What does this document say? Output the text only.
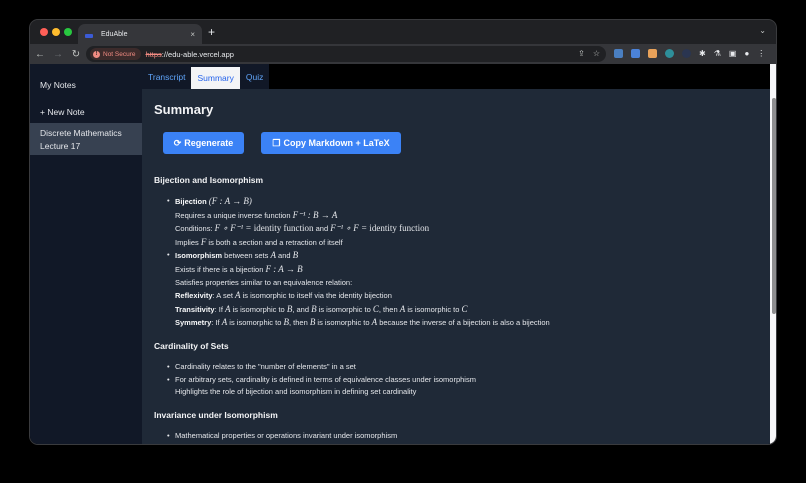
EduAble	× +	⌄
← → ↻	! Not Secure https://edu-able.vercel.app	⇪ ☆	✱ ⚗ ▣ ● ⋮
My Notes
+ New Note
Discrete Mathematics
Lecture 17
Transcript	Summary	Quiz
Summary
⟳ Regenerate	❐ Copy Markdown + LaTeX
Bijection and Isomorphism
• Bijection (F : A → B)
Requires a unique inverse function F⁻¹ : B → A
Conditions: F ∘ F⁻¹ = identity function and F⁻¹ ∘ F = identity function
Implies F is both a section and a retraction of itself
• Isomorphism between sets A and B
Exists if there is a bijection F : A → B
Satisfies properties similar to an equivalence relation:
Reflexivity: A set A is isomorphic to itself via the identity bijection
Transitivity: If A is isomorphic to B, and B is isomorphic to C, then A is isomorphic to C
Symmetry: If A is isomorphic to B, then B is isomorphic to A because the inverse of a bijection is also a bijection
Cardinality of Sets
• Cardinality relates to the "number of elements" in a set
• For arbitrary sets, cardinality is defined in terms of equivalence classes under isomorphism
Highlights the role of bijection and isomorphism in defining set cardinality
Invariance under Isomorphism
• Mathematical properties or operations invariant under isomorphism
